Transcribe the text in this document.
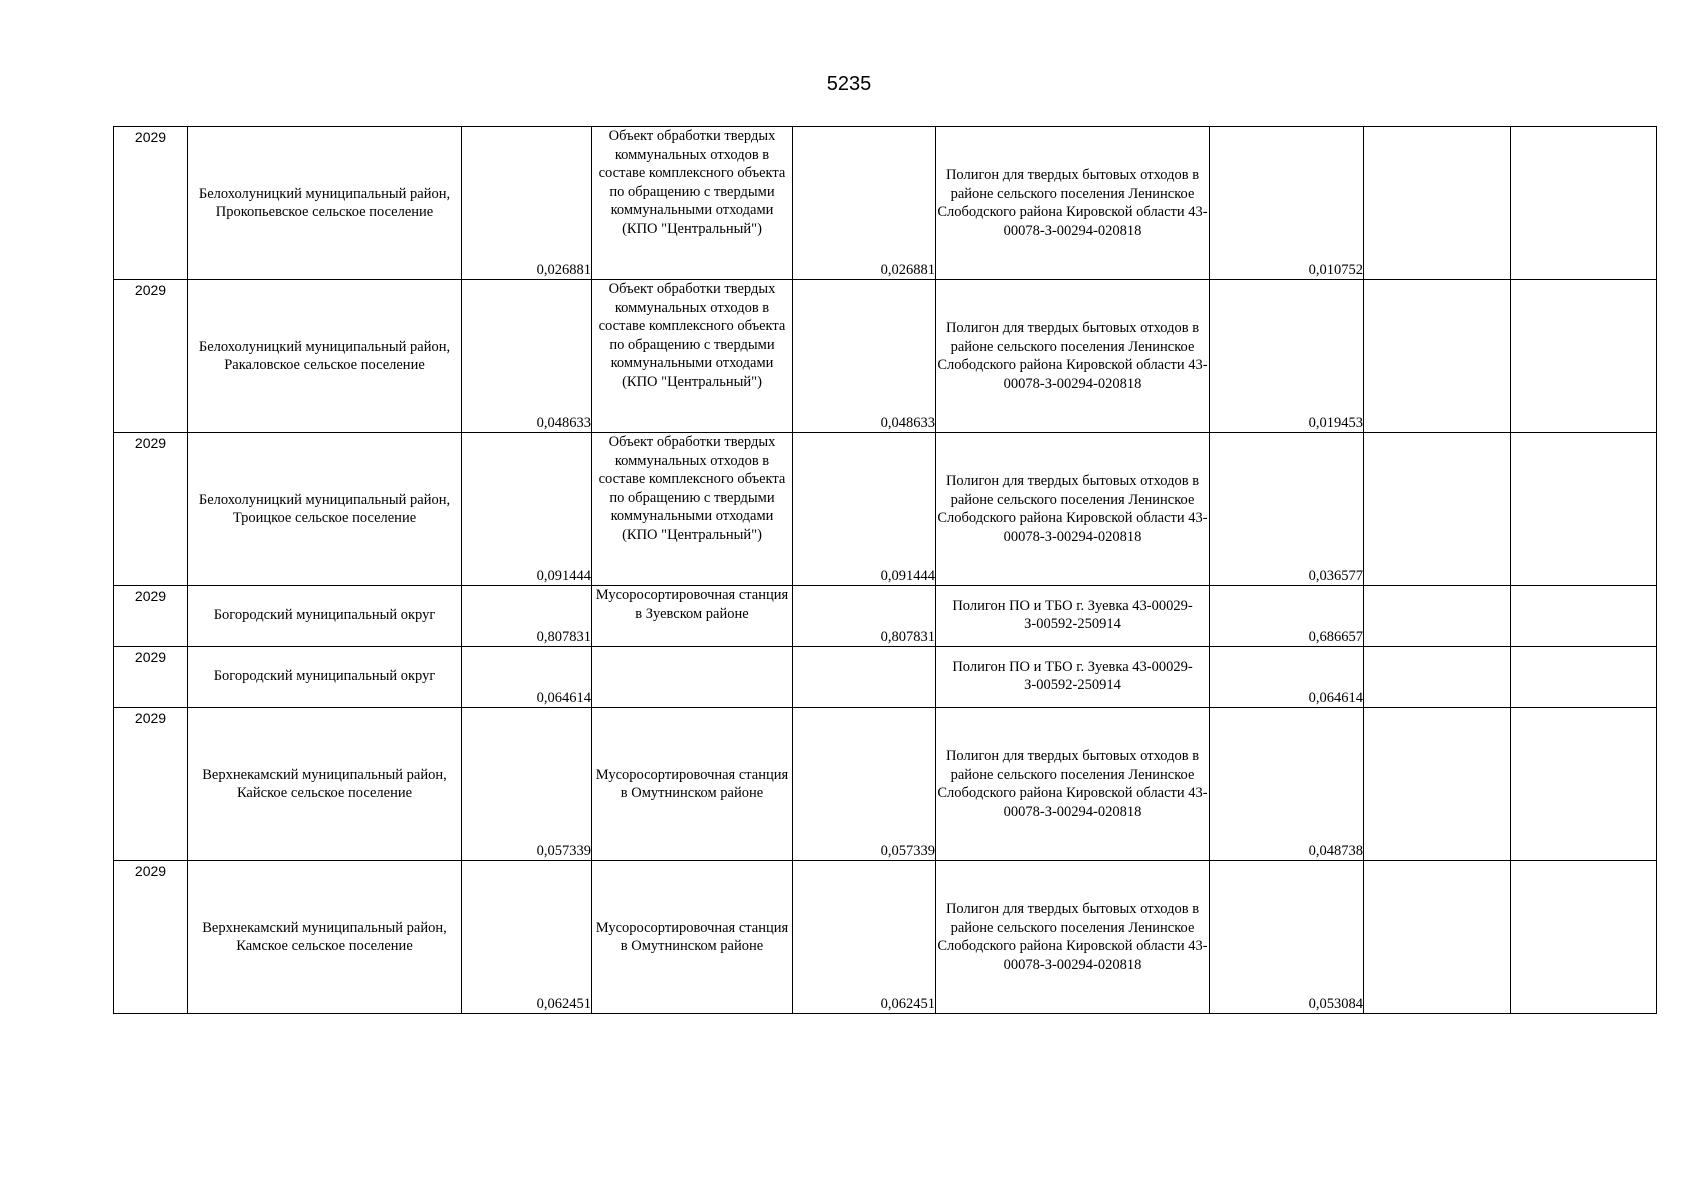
5235
2029	Белохолуницкий муниципальный район, Прокопьевское сельское поселение	0,026881	Объект обработки твердых коммунальных отходов в составе комплексного объекта по обращению с твердыми коммунальными отходами (КПО "Центральный")	0,026881	Полигон для твердых бытовых отходов в районе сельского поселения Ленинское Слободского района Кировской области 43-00078-З-00294-020818	0,010752		

2029	Белохолуницкий муниципальный район, Ракаловское сельское поселение	0,048633	Объект обработки твердых коммунальных отходов в составе комплексного объекта по обращению с твердыми коммунальными отходами (КПО "Центральный")	0,048633	Полигон для твердых бытовых отходов в районе сельского поселения Ленинское Слободского района Кировской области 43-00078-З-00294-020818	0,019453		

2029	Белохолуницкий муниципальный район, Троицкое сельское поселение	0,091444	Объект обработки твердых коммунальных отходов в составе комплексного объекта по обращению с твердыми коммунальными отходами (КПО "Центральный")	0,091444	Полигон для твердых бытовых отходов в районе сельского поселения Ленинское Слободского района Кировской области 43-00078-З-00294-020818	0,036577		

2029	Богородский муниципальный округ	0,807831	Мусоросортировочная станция в Зуевском районе	0,807831	Полигон ПО и ТБО г. Зуевка 43-00029-З-00592-250914	0,686657		

2029	Богородский муниципальный округ	0,064614			Полигон ПО и ТБО г. Зуевка 43-00029-З-00592-250914	0,064614		

2029	Верхнекамский муниципальный район, Кайское сельское поселение	0,057339	Мусоросортировочная станция в Омутнинском районе	0,057339	Полигон для твердых бытовых отходов в районе сельского поселения Ленинское Слободского района Кировской области 43-00078-З-00294-020818	0,048738		

2029	Верхнекамский муниципальный район, Камское сельское поселение	0,062451	Мусоросортировочная станция в Омутнинском районе	0,062451	Полигон для твердых бытовых отходов в районе сельского поселения Ленинское Слободского района Кировской области 43-00078-З-00294-020818	0,053084		
